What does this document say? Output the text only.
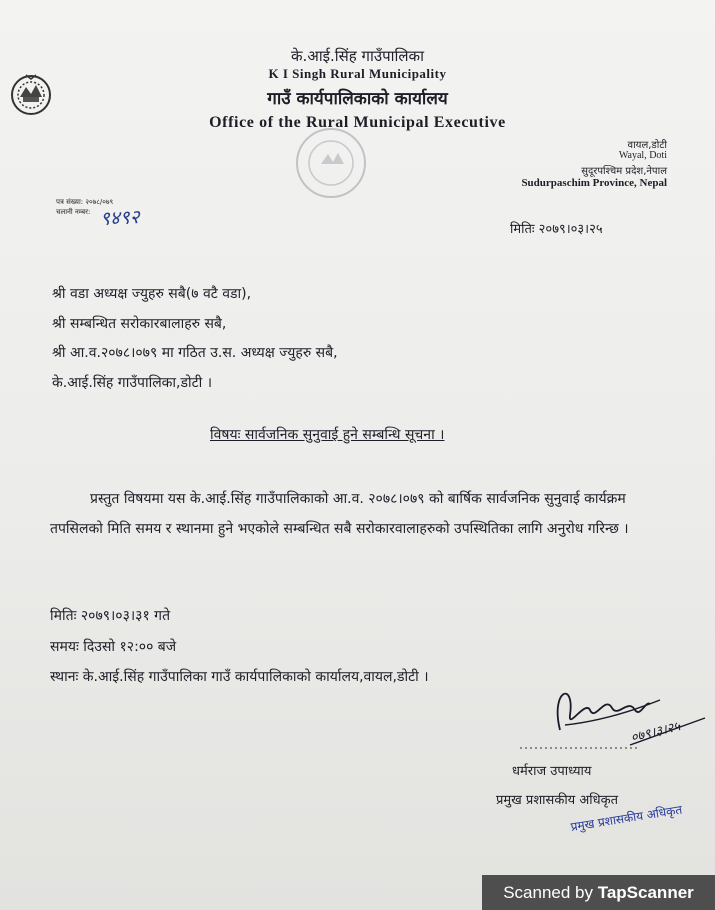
के.आई.सिंह गाउँपालिका
K I Singh Rural Municipality
गाउँ कार्यपालिकाको कार्यालय
Office of the Rural Municipal Executive
वायल,डोटी
Wayal, Doti
सुदूरपश्चिम प्रदेश,नेपाल
Sudurpaschim Province, Nepal
पत्र संख्या: २०७८/०७९
चलानी नम्बर: ९४९२	मितिः २०७९।०३।२५
श्री वडा अध्यक्ष ज्युहरु सबै(७ वटै वडा),
श्री सम्बन्धित सरोकारबालाहरु सबै,
श्री आ.व.२०७८।०७९ मा गठित उ.स. अध्यक्ष ज्युहरु सबै,
के.आई.सिंह गाउँपालिका,डोटी ।
विषयः सार्वजनिक सुनुवाई हुने सम्बन्धि सूचना ।
प्रस्तुत विषयमा यस के.आई.सिंह गाउँपालिकाको आ.व. २०७८।०७९ को बार्षिक सार्वजनिक सुनुवाई कार्यक्रम तपसिलको मिति समय र स्थानमा हुने भएकोले सम्बन्धित सबै सरोकारवालाहरुको उपस्थितिका लागि अनुरोध गरिन्छ ।
मितिः २०७९।०३।३१ गते
समयः दिउसो १२:०० बजे
स्थानः के.आई.सिंह गाउँपालिका गाउँ कार्यपालिकाको कार्यालय,वायल,डोटी ।
०७९।३।२५
धर्मराज उपाध्याय
प्रमुख प्रशासकीय अधिकृत
प्रमुख प्रशासकीय अधिकृत
Scanned by TapScanner
